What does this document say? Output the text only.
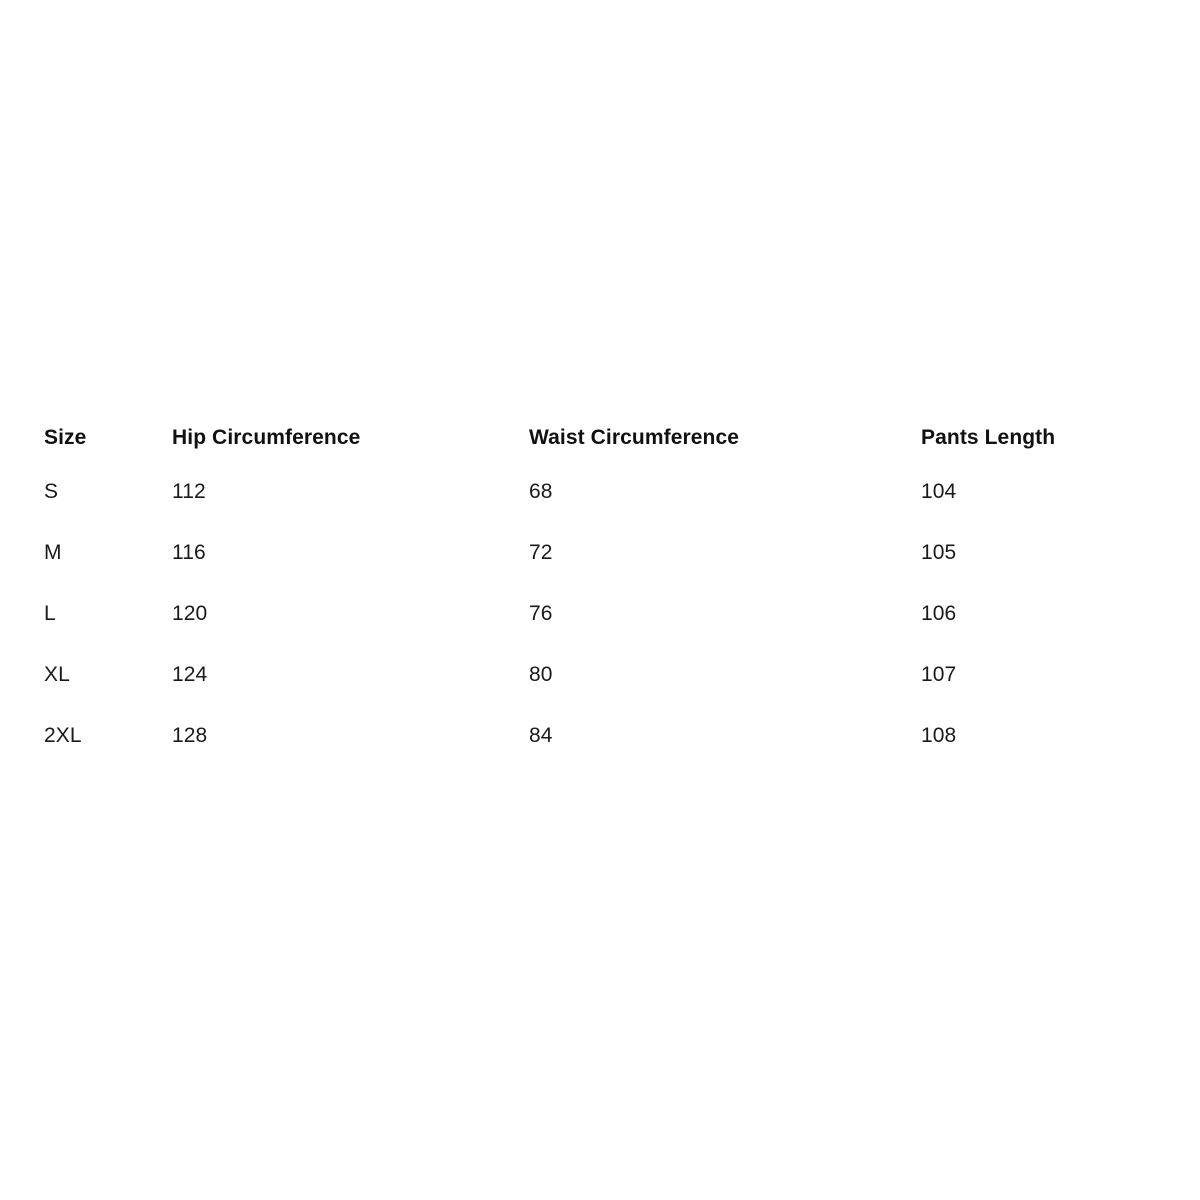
Size	Hip Circumference	Waist Circumference	Pants Length
S	112	68	104
M	116	72	105
L	120	76	106
XL	124	80	107
2XL	128	84	108
